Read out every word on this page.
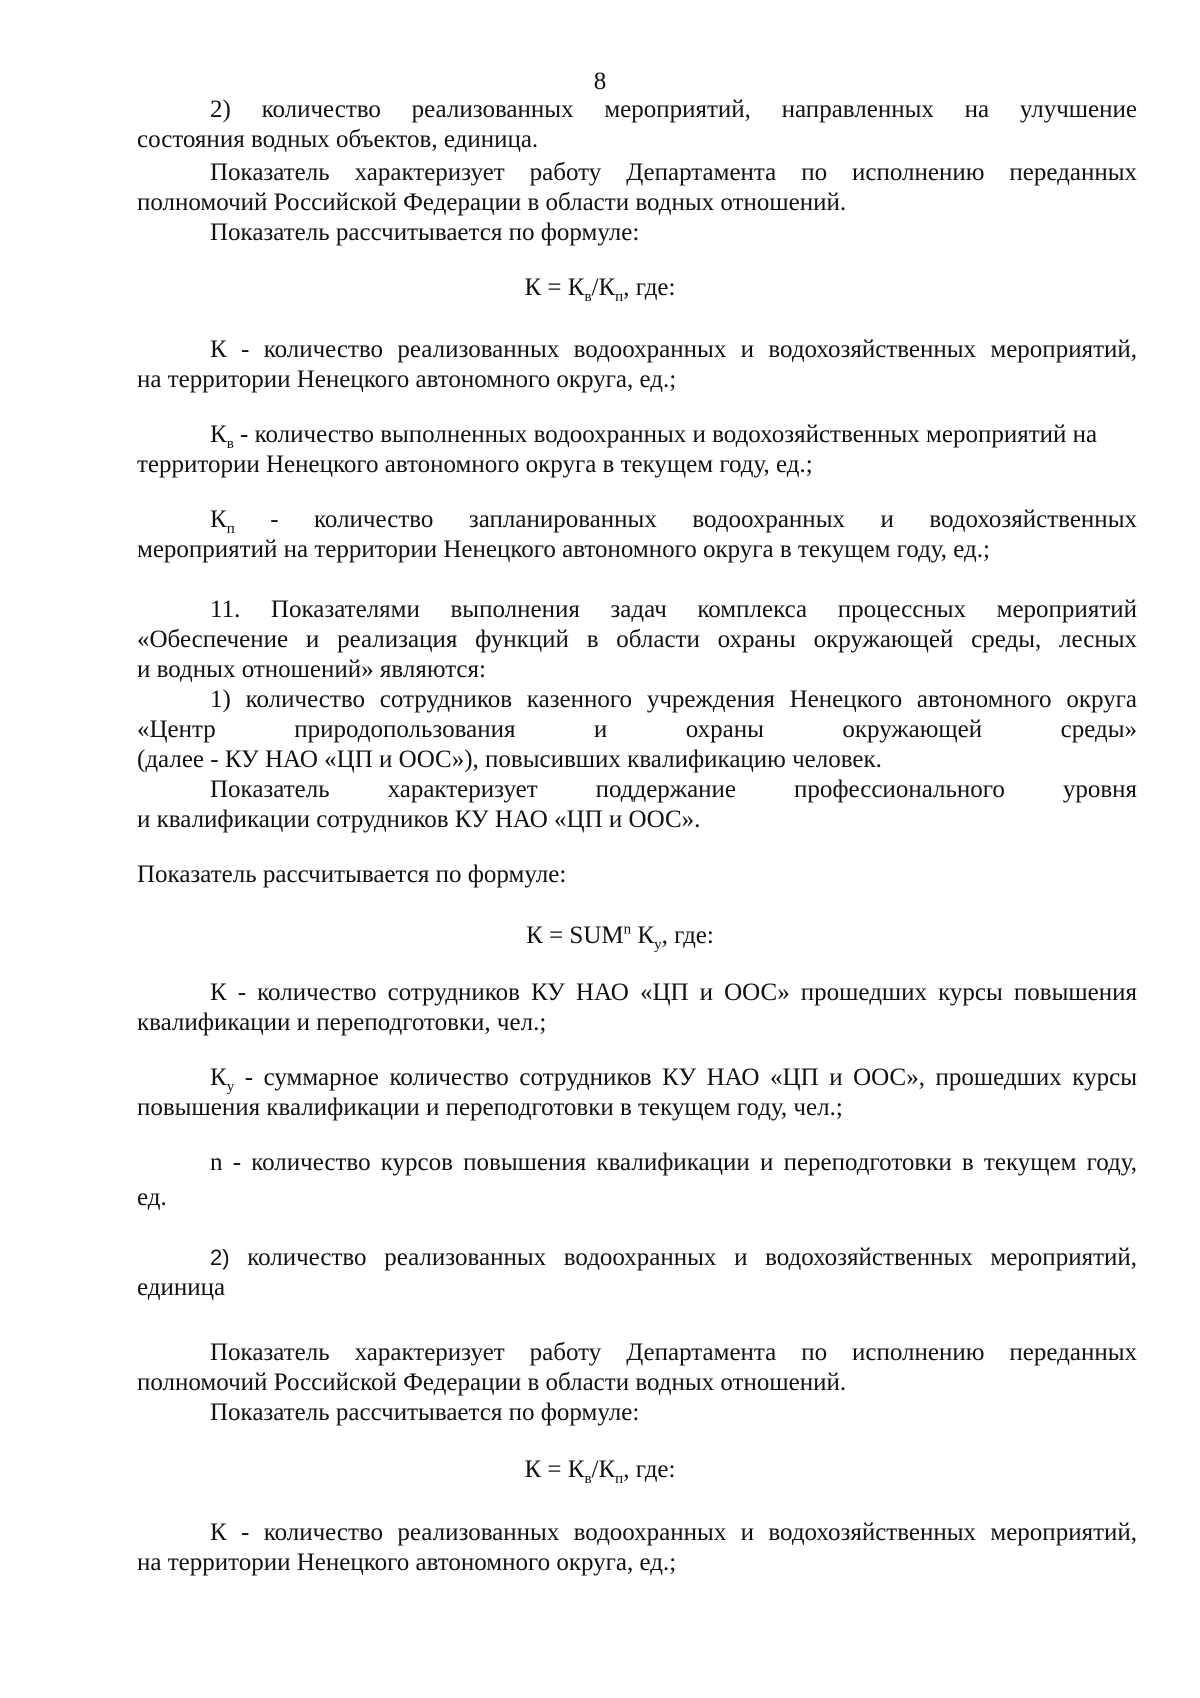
8

2) количество реализованных мероприятий, направленных на улучшение

состояния водных объектов, единица.

Показатель характеризует работу Департамента по исполнению переданных

полномочий Российской Федерации в области водных отношений.

Показатель рассчитывается по формуле:

$К = К_в/К_п$, где:

К - количество реализованных водоохранных и водохозяйственных мероприятий,

на территории Ненецкого автономного округа, ед.;

$К_в$ - количество выполненных водоохранных и водохозяйственных мероприятий на

территории Ненецкого автономного округа в текущем году, ед.;

$К_п$ - количество запланированных водоохранных и водохозяйственных

мероприятий на территории Ненецкого автономного округа в текущем году, ед.;

11. Показателями выполнения задач комплекса процессных мероприятий

«Обеспечение и реализация функций в области охраны окружающей среды, лесных

и водных отношений» являются:

1) количество сотрудников казенного учреждения Ненецкого автономного округа

«Центр природопользования и охраны окружающей среды»

(далее - КУ НАО «ЦП и ООС»), повысивших квалификацию человек.

Показатель характеризует поддержание профессионального уровня

и квалификации сотрудников КУ НАО «ЦП и ООС».

Показатель рассчитывается по формуле:

$К = SUM^n$ $К_у$, где:

К - количество сотрудников КУ НАО «ЦП и ООС» прошедших курсы повышения

квалификации и переподготовки, чел.;

$К_у$ - суммарное количество сотрудников КУ НАО «ЦП и ООС», прошедших курсы

повышения квалификации и переподготовки в текущем году, чел.;

n - количество курсов повышения квалификации и переподготовки в текущем году,

ед.

2) количество реализованных водоохранных и водохозяйственных мероприятий,

единица

Показатель характеризует работу Департамента по исполнению переданных

полномочий Российской Федерации в области водных отношений.

Показатель рассчитывается по формуле:

$К = К_в/К_п$, где:

К - количество реализованных водоохранных и водохозяйственных мероприятий,

на территории Ненецкого автономного округа, ед.;
